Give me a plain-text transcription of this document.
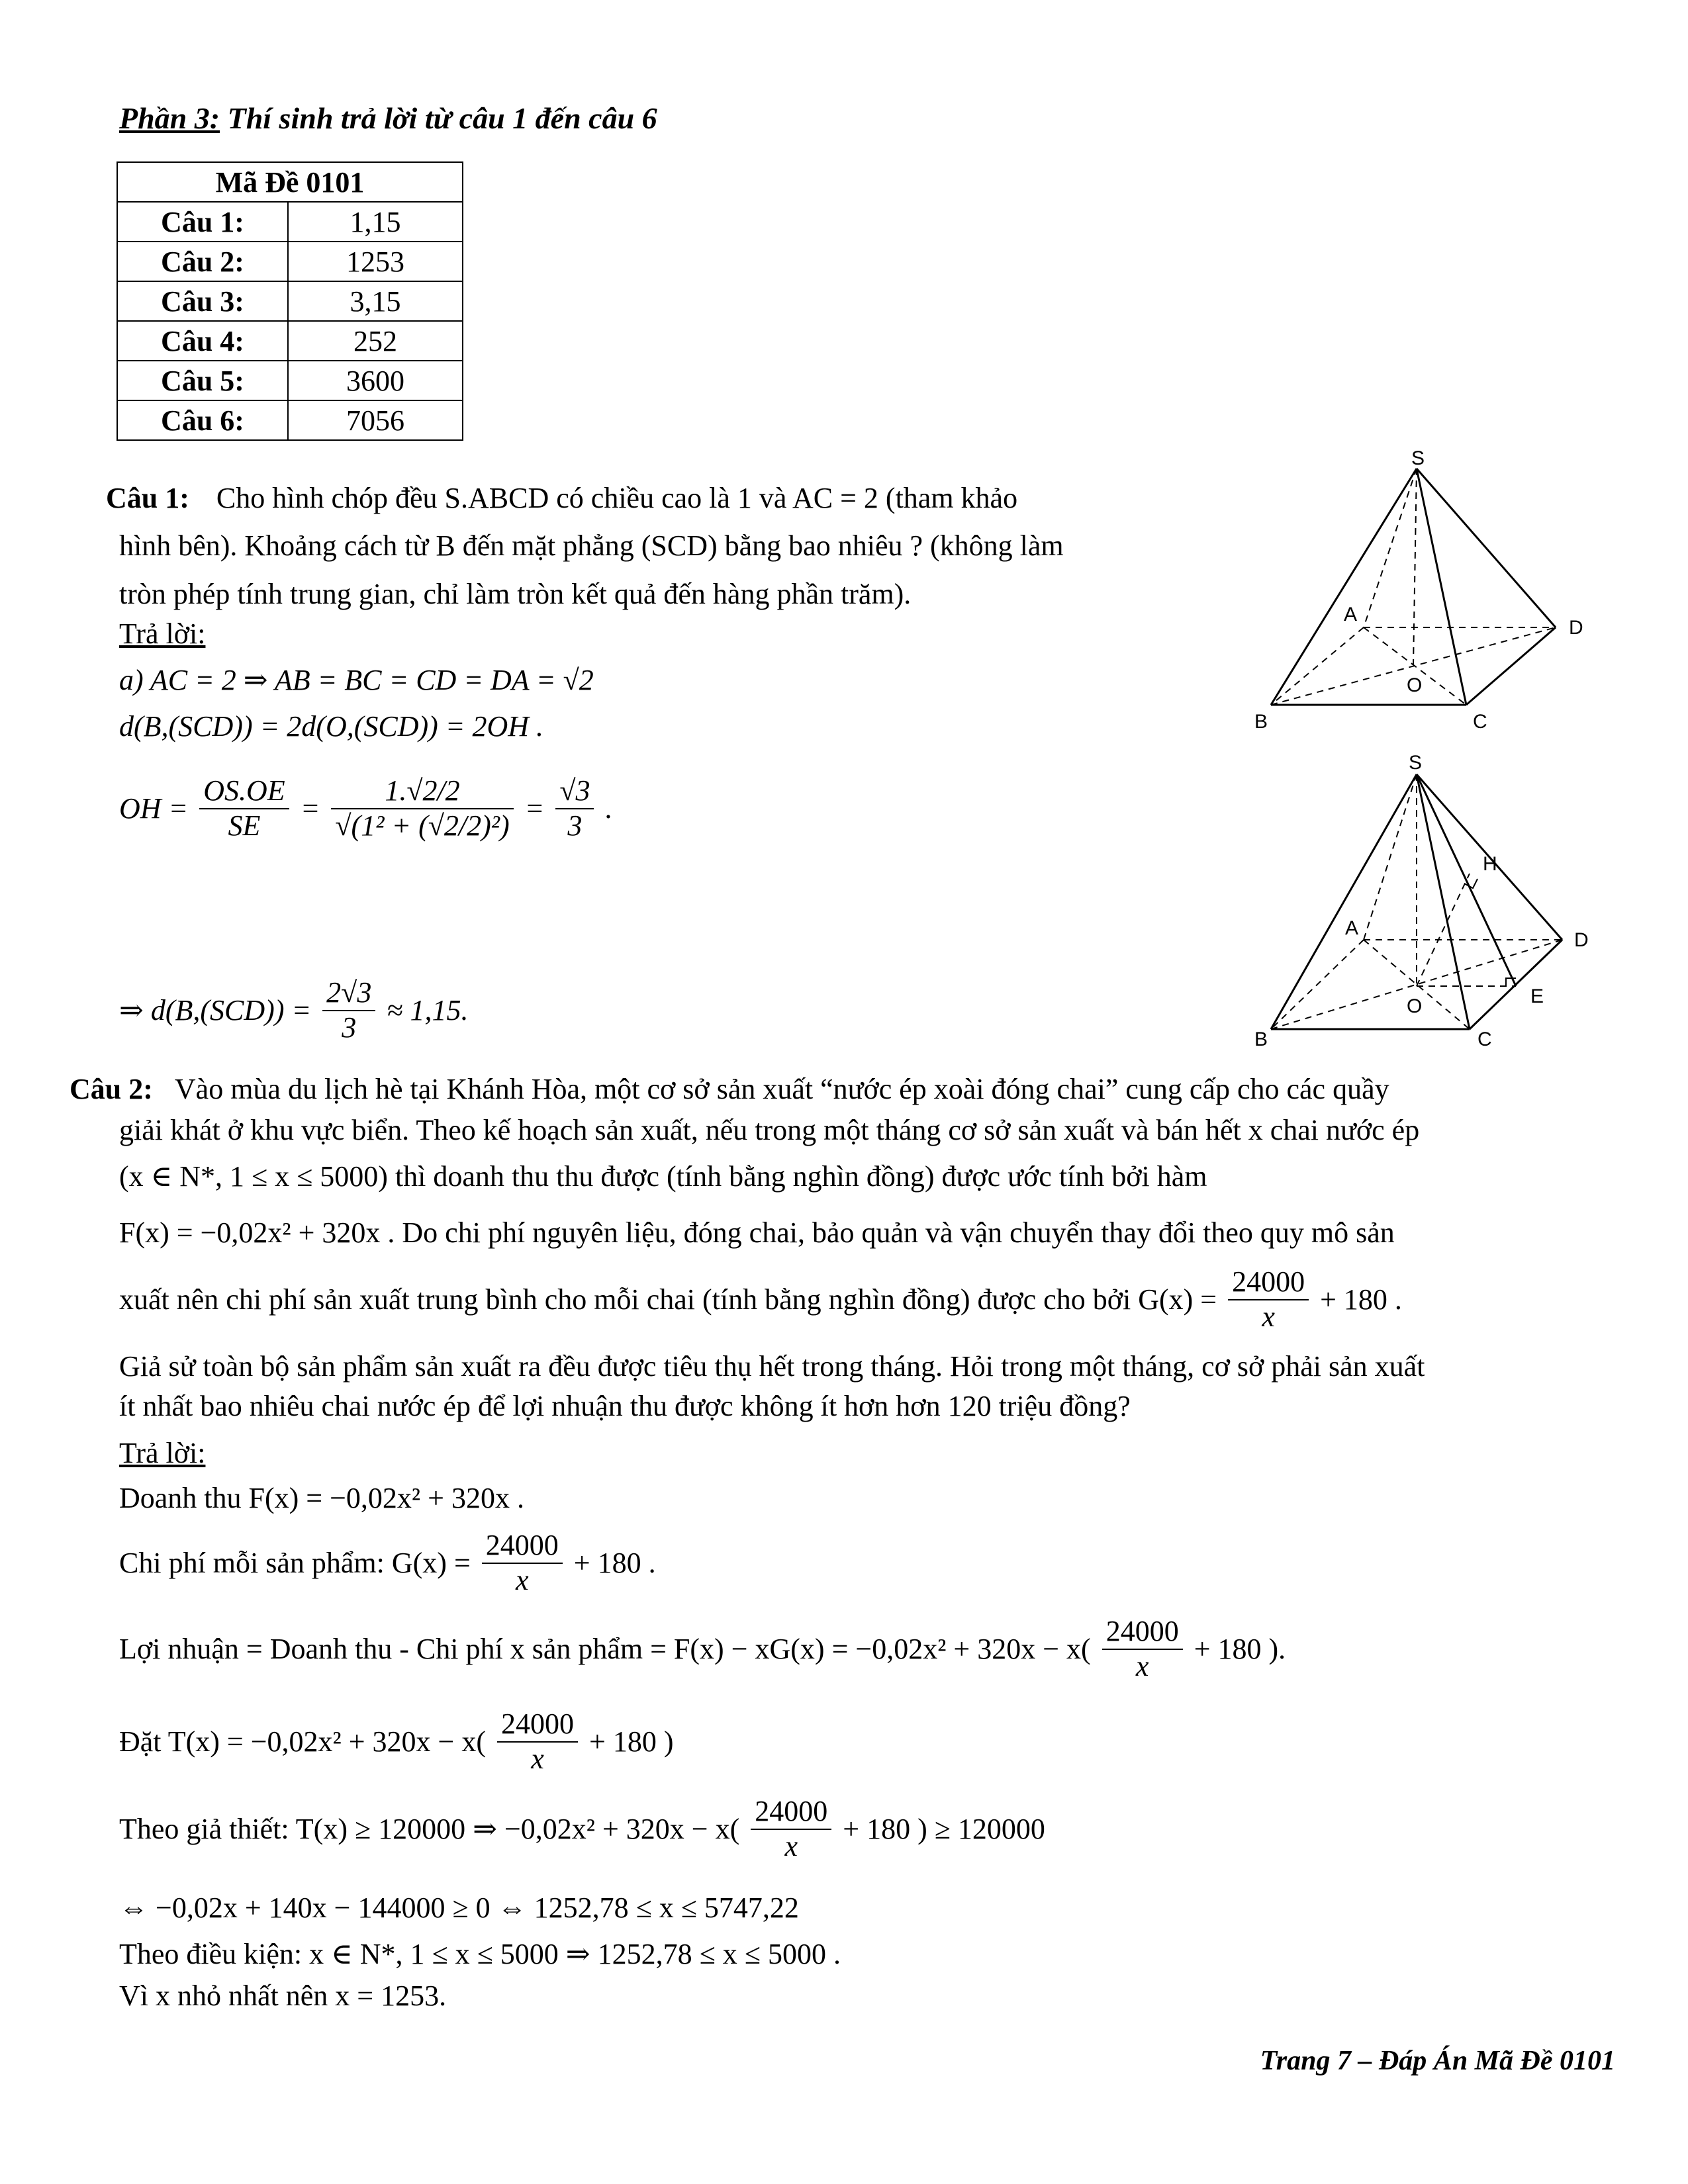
Phần 3: Thí sinh trả lời từ câu 1 đến câu 6
Mã Đề 0101	
Câu 1:	1,15
Câu 2:	1253
Câu 3:	3,15
Câu 4:	252
Câu 5:	3600
Câu 6:	7056
Câu 1: Cho hình chóp đều S.ABCD có chiều cao là 1 và AC = 2 (tham khảo
hình bên). Khoảng cách từ B đến mặt phẳng (SCD) bằng bao nhiêu ? (không làm
tròn phép tính trung gian, chỉ làm tròn kết quả đến hàng phần trăm).
Trả lời:
a) AC = 2 ⇒ AB = BC = CD = DA = √2
d(B,(SCD)) = 2d(O,(SCD)) = 2OH .
OH = $\frac{OS.OE}{SE} = \frac{1.√2/2}{\text{√(1² + (√2/2)²)}} = \frac{√3}{3}$ .
⇒ $d(B,(SCD)) = \frac{2√3}{3} \approx 1,15$.
S
A
D
O
B	C
S
H
A
D
E
O
B	C
Câu 2: Vào mùa du lịch hè tại Khánh Hòa, một cơ sở sản xuất “nước ép xoài đóng chai” cung cấp cho các quầy
giải khát ở khu vực biển. Theo kế hoạch sản xuất, nếu trong một tháng cơ sở sản xuất và bán hết x chai nước ép
(x ∈ N*, 1 ≤ x ≤ 5000) thì doanh thu thu được (tính bằng nghìn đồng) được ước tính bởi hàm
F(x) = −0,02x² + 320x . Do chi phí nguyên liệu, đóng chai, bảo quản và vận chuyển thay đổi theo quy mô sản
xuất nên chi phí sản xuất trung bình cho mỗi chai (tính bằng nghìn đồng) được cho bởi $G(x) = \frac{24000}{x} + 180$ .
Giả sử toàn bộ sản phẩm sản xuất ra đều được tiêu thụ hết trong tháng. Hỏi trong một tháng, cơ sở phải sản xuất
ít nhất bao nhiêu chai nước ép để lợi nhuận thu được không ít hơn hơn 120 triệu đồng?
Trả lời:
Doanh thu F(x) = −0,02x² + 320x .
Chi phí mỗi sản phẩm: $G(x) = \frac{24000}{x} + 180$ .
Lợi nhuận = Doanh thu - Chi phí x sản phẩm = $F(x) - xG(x) = -0,02x^2 + 320x - x( \frac{24000}{x} + 180$ ).
Đặt $T(x) = -0,02x^2 + 320x - x( \frac{24000}{x} + 180$ )
Theo giả thiết: T(x) ≥ 120000 ⇒ $-0,02x^2 + 320x - x( \frac{24000}{x} + 180$ ) ≥ 120000
⇔ −0,02x + 140x − 144000 ≥ 0 ⇔ 1252,78 ≤ x ≤ 5747,22
Theo điều kiện: x ∈ N*, 1 ≤ x ≤ 5000 ⇒ 1252,78 ≤ x ≤ 5000 .
Vì x nhỏ nhất nên x = 1253.
Trang 7 – Đáp Án Mã Đề 0101
